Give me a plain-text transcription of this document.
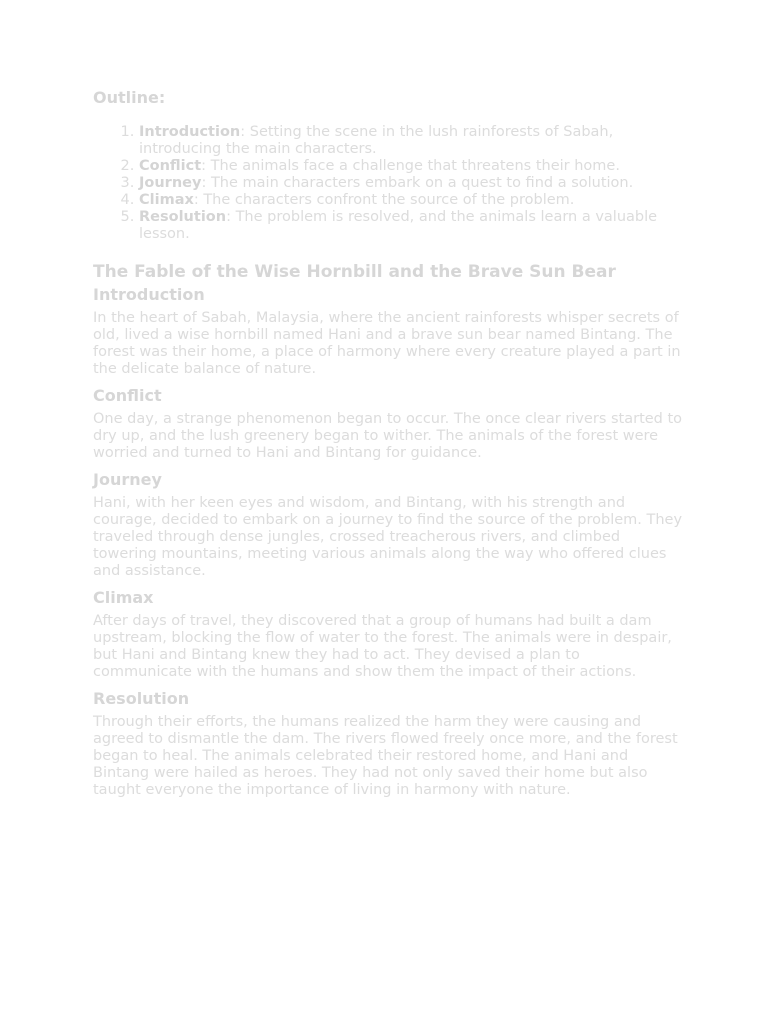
Outline:
1. Introduction: Setting the scene in the lush rainforests of Sabah, introducing the main characters.
2. Conflict: The animals face a challenge that threatens their home.
3. Journey: The main characters embark on a quest to find a solution.
4. Climax: The characters confront the source of the problem.
5. Resolution: The problem is resolved, and the animals learn a valuable lesson.
The Fable of the Wise Hornbill and the Brave Sun Bear
Introduction

In the heart of Sabah, Malaysia, where the ancient rainforests whisper secrets of old, lived a wise hornbill named Hani and a brave sun bear named Bintang. The forest was their home, a place of harmony where every creature played a part in the delicate balance of nature.

Conflict

One day, a strange phenomenon began to occur. The once clear rivers started to dry up, and the lush greenery began to wither. The animals of the forest were worried and turned to Hani and Bintang for guidance.

Journey

Hani, with her keen eyes and wisdom, and Bintang, with his strength and courage, decided to embark on a journey to find the source of the problem. They traveled through dense jungles, crossed treacherous rivers, and climbed towering mountains, meeting various animals along the way who offered clues and assistance.

Climax

After days of travel, they discovered that a group of humans had built a dam upstream, blocking the flow of water to the forest. The animals were in despair, but Hani and Bintang knew they had to act. They devised a plan to communicate with the humans and show them the impact of their actions.

Resolution

Through their efforts, the humans realized the harm they were causing and agreed to dismantle the dam. The rivers flowed freely once more, and the forest began to heal. The animals celebrated their restored home, and Hani and Bintang were hailed as heroes. They had not only saved their home but also taught everyone the importance of living in harmony with nature.
